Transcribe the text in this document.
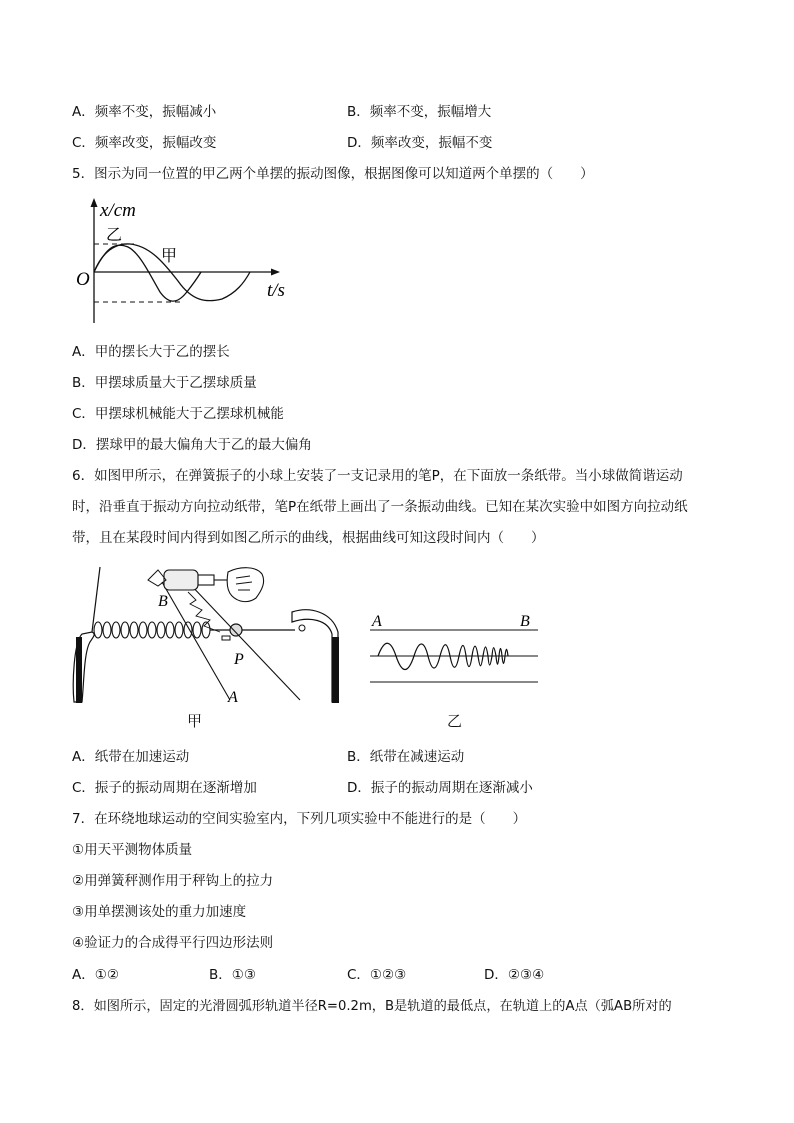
A．频率不变，振幅减小	B．频率不变，振幅增大
C．频率改变，振幅改变	D．频率改变，振幅不变
5．图示为同一位置的甲乙两个单摆的振动图像，根据图像可以知道两个单摆的（　　）
x/cm
t/s
O
乙
甲
A．甲的摆长大于乙的摆长
B．甲摆球质量大于乙摆球质量
C．甲摆球机械能大于乙摆球机械能
D．摆球甲的最大偏角大于乙的最大偏角
6．如图甲所示，在弹簧振子的小球上安装了一支记录用的笔P，在下面放一条纸带。当小球做简谐运动
时，沿垂直于振动方向拉动纸带，笔P在纸带上画出了一条振动曲线。已知在某次实验中如图方向拉动纸
带，且在某段时间内得到如图乙所示的曲线，根据曲线可知这段时间内（　　）
B
P
A
甲
A	B
乙
A．纸带在加速运动	B．纸带在减速运动
C．振子的振动周期在逐渐增加	D．振子的振动周期在逐渐减小
7．在环绕地球运动的空间实验室内，下列几项实验中不能进行的是（　　）
①用天平测物体质量
②用弹簧秤测作用于秤钩上的拉力
③用单摆测该处的重力加速度
④验证力的合成得平行四边形法则
A．①②	B．①③	C．①②③	D．②③④
8．如图所示，固定的光滑圆弧形轨道半径R=0.2m，B是轨道的最低点，在轨道上的A点（弧AB所对的
